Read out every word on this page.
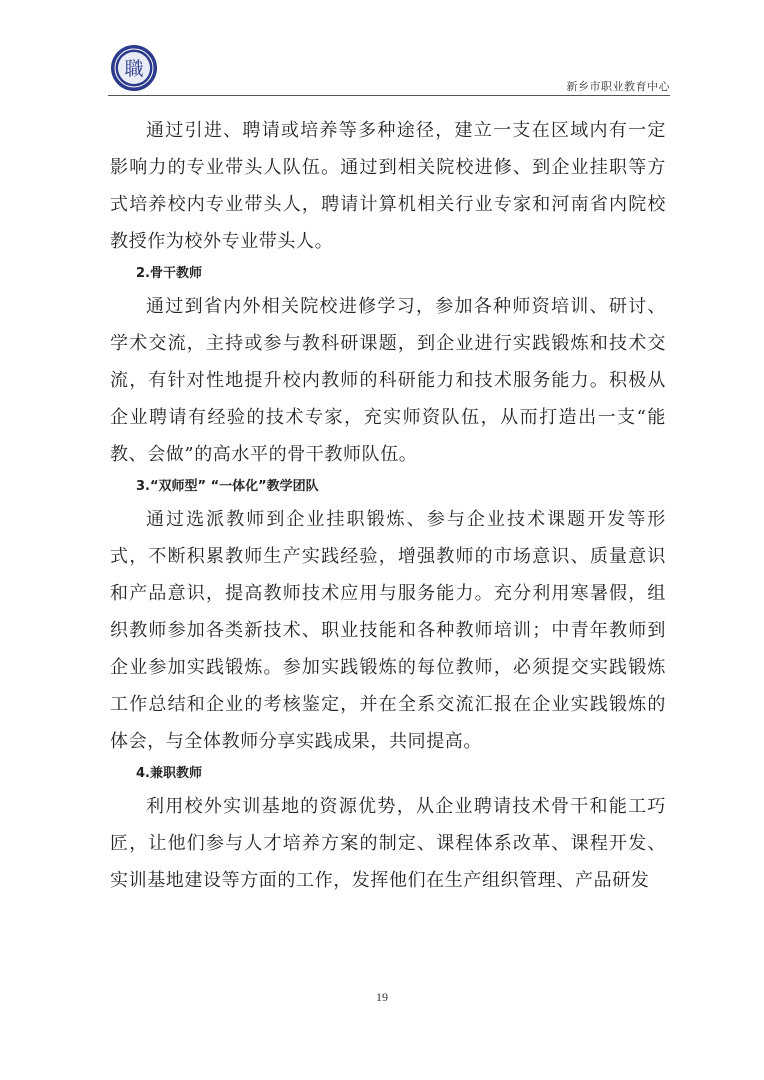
職
新乡市职业教育中心

通过引进、聘请或培养等多种途径，建立一支在区域内有一定影响力的专业带头人队伍。通过到相关院校进修、到企业挂职等方式培养校内专业带头人，聘请计算机相关行业专家和河南省内院校教授作为校外专业带头人。

2.骨干教师

通过到省内外相关院校进修学习，参加各种师资培训、研讨、学术交流，主持或参与教科研课题，到企业进行实践锻炼和技术交流，有针对性地提升校内教师的科研能力和技术服务能力。积极从企业聘请有经验的技术专家，充实师资队伍，从而打造出一支“能教、会做”的高水平的骨干教师队伍。

3.“双师型” “一体化”教学团队

通过选派教师到企业挂职锻炼、参与企业技术课题开发等形式，不断积累教师生产实践经验，增强教师的市场意识、质量意识和产品意识，提高教师技术应用与服务能力。充分利用寒暑假，组织教师参加各类新技术、职业技能和各种教师培训；中青年教师到企业参加实践锻炼。参加实践锻炼的每位教师，必须提交实践锻炼工作总结和企业的考核鉴定，并在全系交流汇报在企业实践锻炼的体会，与全体教师分享实践成果，共同提高。

4.兼职教师

利用校外实训基地的资源优势，从企业聘请技术骨干和能工巧匠，让他们参与人才培养方案的制定、课程体系改革、课程开发、实训基地建设等方面的工作，发挥他们在生产组织管理、产品研发

19
